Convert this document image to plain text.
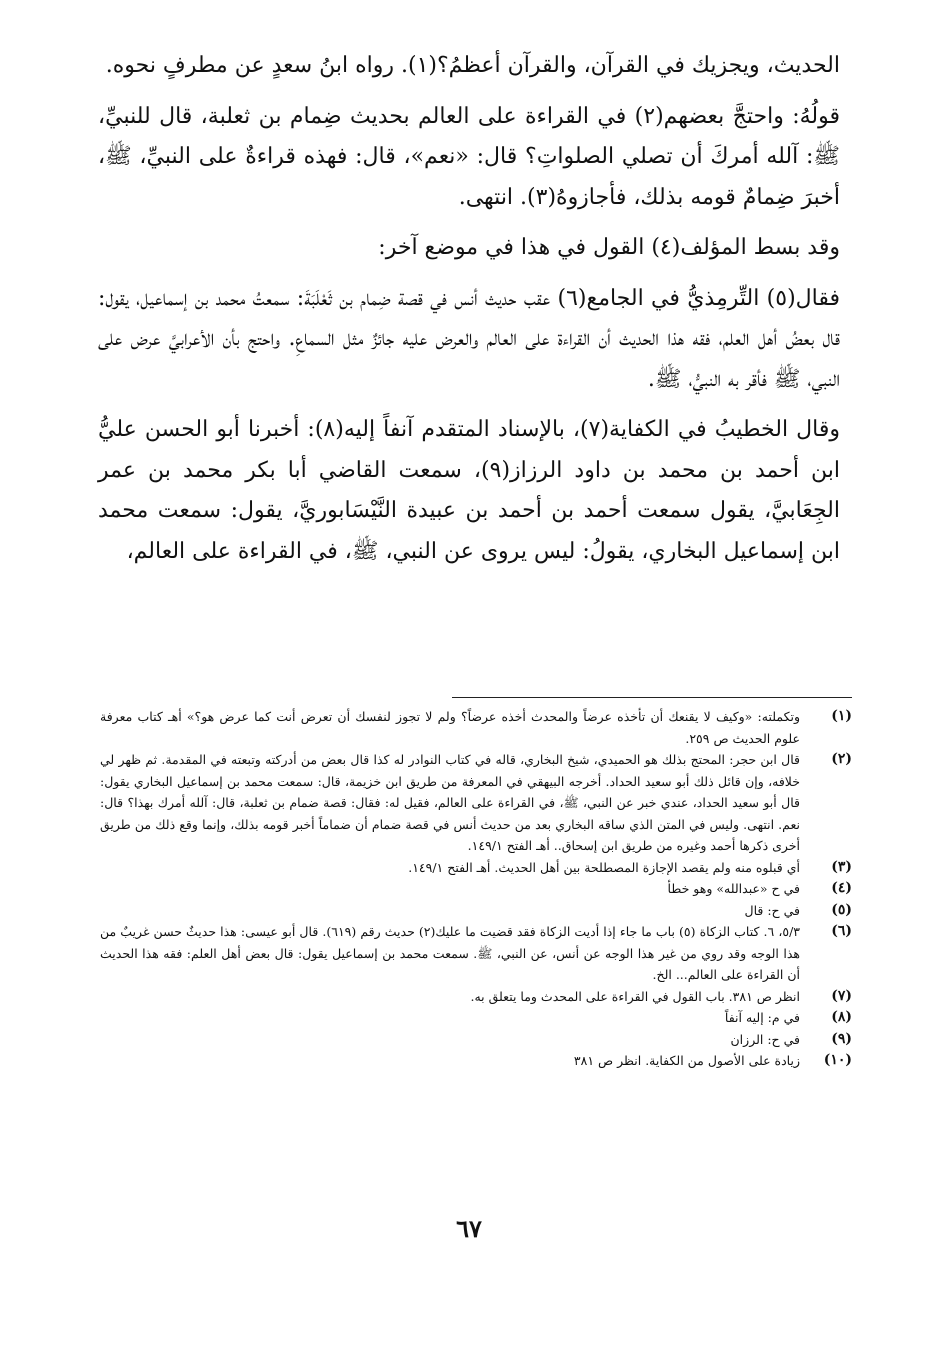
الحديث، ويجزيك في القرآن، والقرآن أعظمُ؟(١). رواه ابنُ سعدٍ عن مطرفٍ نحوه.

قولُهُ: واحتجَّ بعضهم(٢) في القراءة على العالم بحديث ضِمام بن ثعلبة، قال للنبيِّ، ﷺ: آلله أمركَ أن تصلي الصلواتِ؟ قال: «نعم»، قال: فهذه قراءةٌ على النبيِّ، ﷺ، أخبرَ ضِمامٌ قومه بذلك، فأجازوهُ(٣). انتهى.

وقد بسط المؤلف(٤) القول في هذا في موضع آخر:

فقال(٥) التِّرمِذيُّ في الجامع(٦) عقب حديث أنس في قصة ضِمام بن ثَعْلَبَةَ: سمعتُ محمد بن إسماعيل، يقول: قال بعضُ أهل العلم، فقه هذا الحديث أن القراءة على العالم والعرض عليه جائزٌ مثل السماعِ. واحتج بأن الأعرابيَّ عرض على النبي، ﷺ فأقر به النبيُّ، ﷺ.

وقال الخطيبُ في الكفاية(٧)، بالإسناد المتقدم آنفاً إليه(٨): أخبرنا أبو الحسن عليُّ ابن أحمد بن محمد بن داود الرزاز(٩)، سمعت القاضي أبا بكر محمد بن عمر الجِعَابيَّ، يقول سمعت أحمد بن أحمد بن عبيدة النَّيْسَابوريَّ، يقول: سمعت محمد ابن إسماعيل البخاري، يقولُ: ليس يروى عن النبي، ﷺ، في القراءة على العالم،

(١)
وتكملته: «وكيف لا يقنعك أن تأخذه عرضاً والمحدث أخذه عرضاً؟ ولم لا تجوز لنفسك أن تعرض أنت كما عرض هو؟» أهـ كتاب معرفة علوم الحديث ص ٢٥٩.
(٢)
قال ابن حجر: المحتج بذلك هو الحميدي، شيخ البخاري، قاله في كتاب النوادر له كذا قال بعض من أدركته وتبعته في المقدمة. ثم ظهر لي خلافه، وإن قائل ذلك أبو سعيد الحداد. أخرجه البيهقي في المعرفة من طريق ابن خزيمة، قال: سمعت محمد بن إسماعيل البخاري يقول: قال أبو سعيد الحداد، عندي خبر عن النبي، ﷺ، في القراءة على العالم، فقيل له: فقال: قصة ضمام بن ثعلبة، قال: آلله أمرك بهذا؟ قال: نعم. انتهى. وليس في المتن الذي ساقه البخاري بعد من حديث أنس في قصة ضمام أن ضماماً أخبر قومه بذلك، وإنما وقع ذلك من طريق أخرى ذكرها أحمد وغيره من طريق ابن إسحاق.. أهـ الفتح ١٤٩/١.
(٣)
أي قبلوه منه ولم يقصد الإجازة المصطلحة بين أهل الحديث. أهـ الفتح ١٤٩/١.
(٤)
في ح «عبدالله» وهو خطأ
(٥)
في ح: قال
(٦)
٥/٣، ٦. كتاب الزكاة (٥) باب ما جاء إذا أديت الزكاة فقد قضيت ما عليك(٢) حديث رقم (٦١٩). قال أبو عيسى: هذا حديثٌ حسن غريبٌ من هذا الوجه وقد روي من غير هذا الوجه عن أنس، عن النبي، ﷺ. سمعت محمد بن إسماعيل يقول: قال بعض أهل العلم: فقه هذا الحديث أن القراءة على العالم... الخ.
(٧)
انظر ص ٣٨١. باب القول في القراءة على المحدث وما يتعلق به.
(٨)
في م: إليه آنفاً
(٩)
في ح: الرزان
(١٠)
زيادة على الأصول من الكفاية. انظر ص ٣٨١
٦٧
